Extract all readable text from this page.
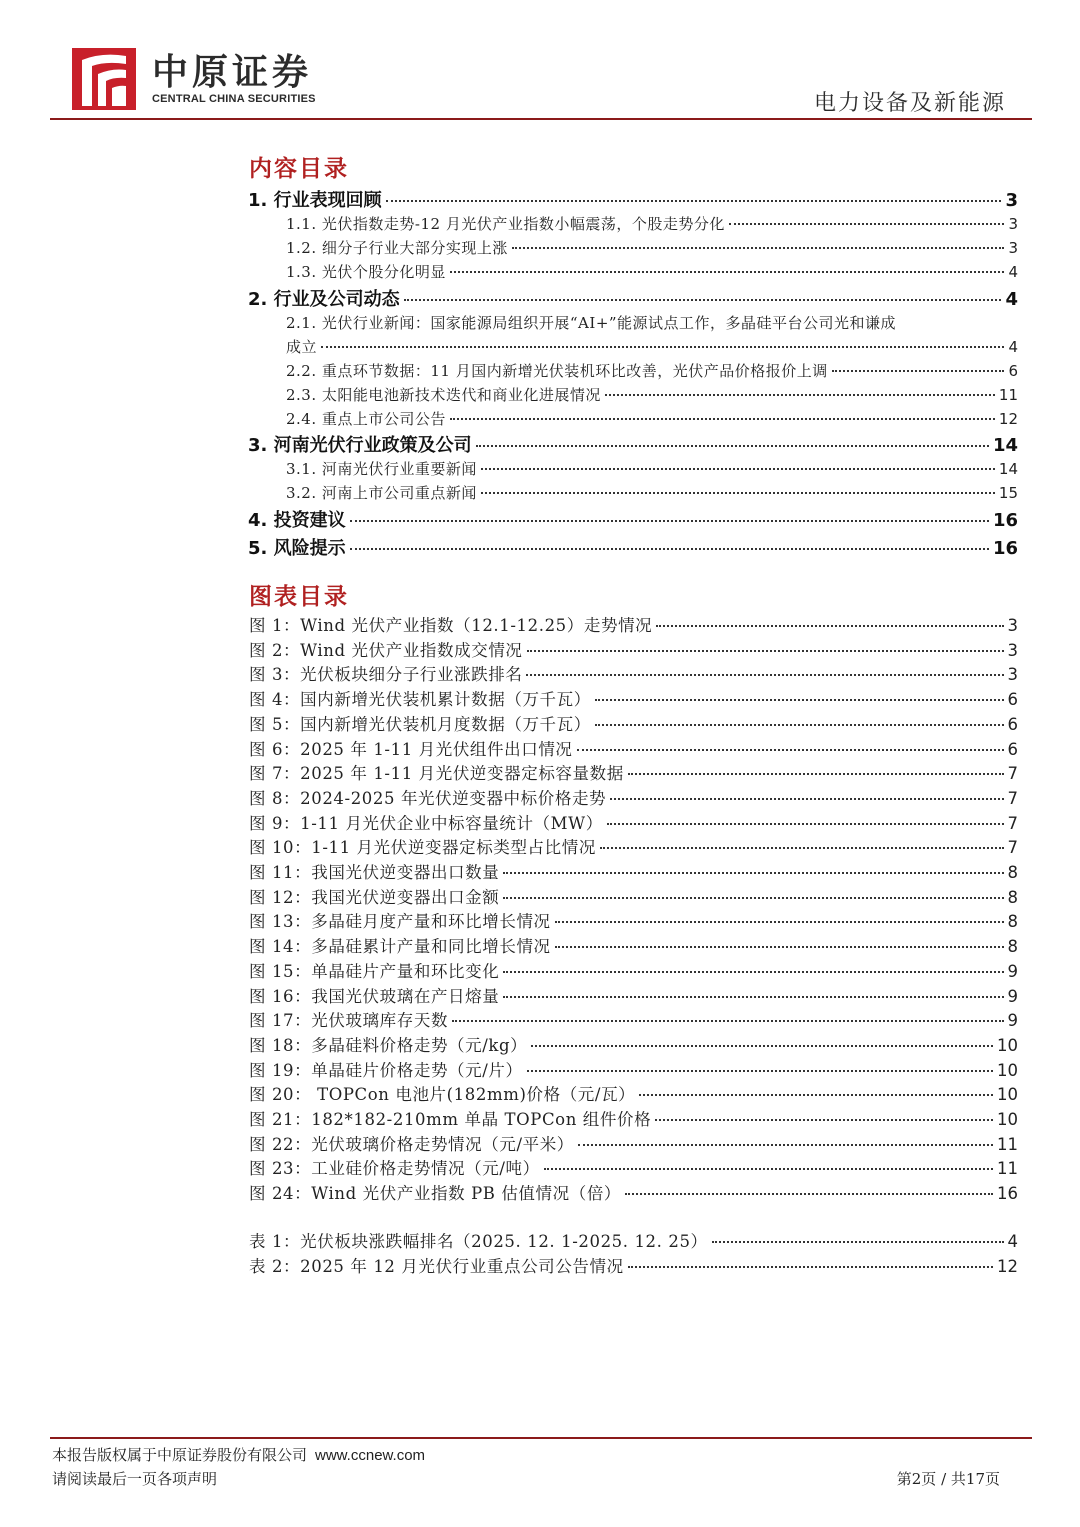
中原证券
CENTRAL CHINA SECURITIES	电力设备及新能源
内容目录
1. 行业表现回顾	3
1.1. 光伏指数走势-12 月光伏产业指数小幅震荡，个股走势分化	3
1.2. 细分子行业大部分实现上涨	3
1.3. 光伏个股分化明显	4
2. 行业及公司动态	4
2.1. 光伏行业新闻：国家能源局组织开展“AI+”能源试点工作，多晶硅平台公司光和谦成
成立	4
2.2. 重点环节数据：11 月国内新增光伏装机环比改善，光伏产品价格报价上调	6
2.3. 太阳能电池新技术迭代和商业化进展情况	11
2.4. 重点上市公司公告	12
3. 河南光伏行业政策及公司	14
3.1. 河南光伏行业重要新闻	14
3.2. 河南上市公司重点新闻	15
4. 投资建议	16
5. 风险提示	16
图表目录
图 1：Wind 光伏产业指数（12.1-12.25）走势情况	3
图 2：Wind 光伏产业指数成交情况	3
图 3：光伏板块细分子行业涨跌排名	3
图 4：国内新增光伏装机累计数据（万千瓦）	6
图 5：国内新增光伏装机月度数据（万千瓦）	6
图 6：2025 年 1-11 月光伏组件出口情况	6
图 7：2025 年 1-11 月光伏逆变器定标容量数据	7
图 8：2024-2025 年光伏逆变器中标价格走势	7
图 9：1-11 月光伏企业中标容量统计（MW）	7
图 10：1-11 月光伏逆变器定标类型占比情况	7
图 11：我国光伏逆变器出口数量	8
图 12：我国光伏逆变器出口金额	8
图 13：多晶硅月度产量和环比增长情况	8
图 14：多晶硅累计产量和同比增长情况	8
图 15：单晶硅片产量和环比变化	9
图 16：我国光伏玻璃在产日熔量	9
图 17：光伏玻璃库存天数	9
图 18：多晶硅料价格走势（元/kg）	10
图 19：单晶硅片价格走势（元/片）	10
图 20： TOPCon 电池片(182mm)价格（元/瓦）	10
图 21：182*182-210mm 单晶 TOPCon 组件价格	10
图 22：光伏玻璃价格走势情况（元/平米）	11
图 23：工业硅价格走势情况（元/吨）	11
图 24：Wind 光伏产业指数 PB 估值情况（倍）	16
表 1：光伏板块涨跌幅排名（2025. 12. 1-2025. 12. 25）	4
表 2：2025 年 12 月光伏行业重点公司公告情况	12
本报告版权属于中原证券股份有限公司 www.ccnew.com
请阅读最后一页各项声明	第2页 / 共17页
